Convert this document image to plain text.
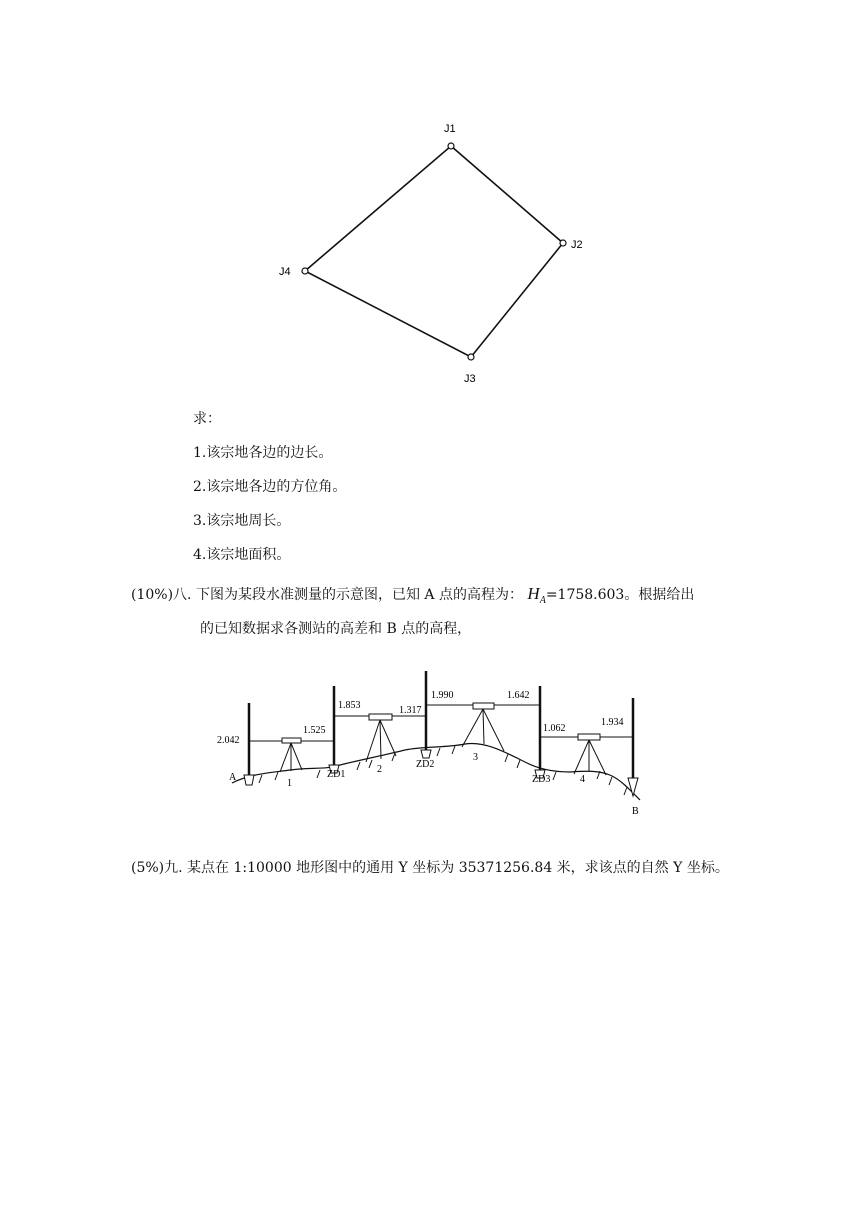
J1
J2
J3
J4
求：
1.该宗地各边的边长。
2.该宗地各边的方位角。
3.该宗地周长。
4.该宗地面积。
(10%)八. 下图为某段水准测量的示意图，已知 A 点的高程为： $H_A=1758.603$。根据给出
的已知数据求各测站的高差和 B 点的高程，
2.042
1.525
1.853	1.317
1.990	1.642
1.062
1.934
A	ZD1
ZD2
ZD3
B
1
2
3
4
(5%)九. 某点在 1:10000 地形图中的通用 Y 坐标为 35371256.84 米，求该点的自然 Y 坐标。
